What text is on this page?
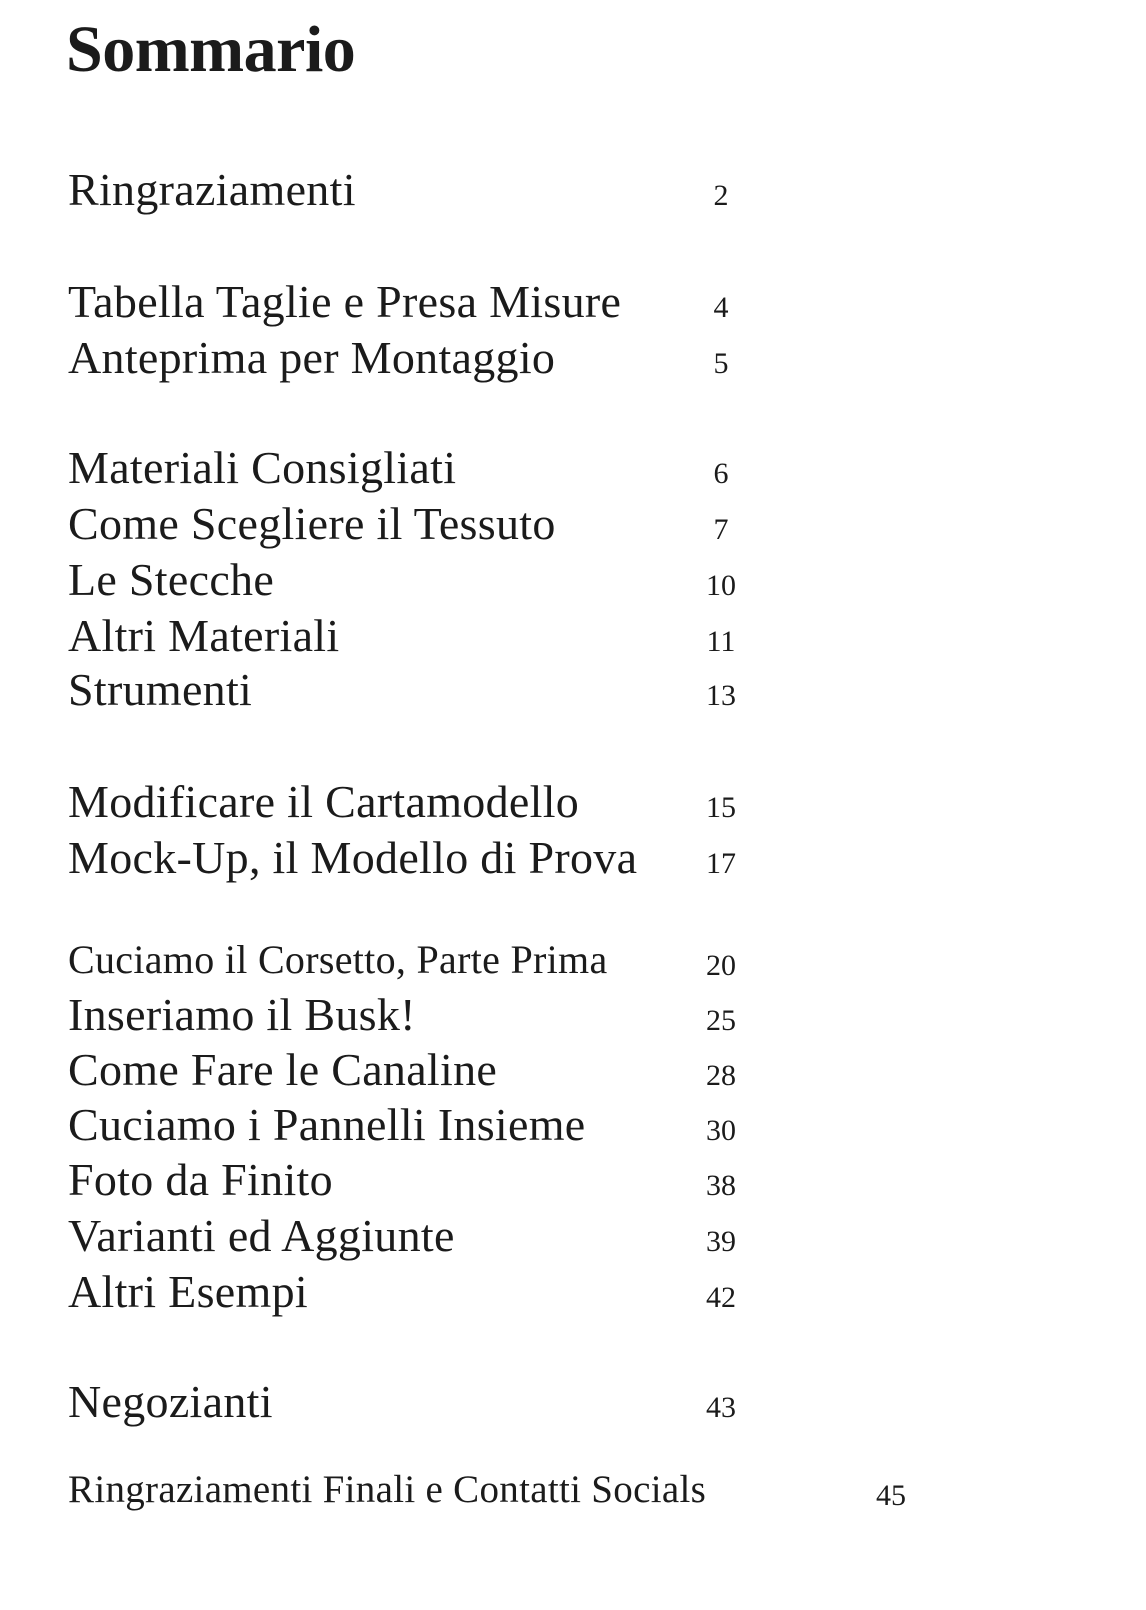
Sommario
Ringraziamenti	2
Tabella Taglie e Presa Misure	4
Anteprima per Montaggio	5
Materiali Consigliati	6
Come Scegliere il Tessuto	7
Le Stecche	10
Altri Materiali	11
Strumenti	13
Modificare il Cartamodello	15
Mock-Up, il Modello di Prova	17
Cuciamo il Corsetto, Parte Prima	20
Inseriamo il Busk!	25
Come Fare le Canaline	28
Cuciamo i Pannelli Insieme	30
Foto da Finito	38
Varianti ed Aggiunte	39
Altri Esempi	42
Negozianti	43
Ringraziamenti Finali e Contatti Socials	45
